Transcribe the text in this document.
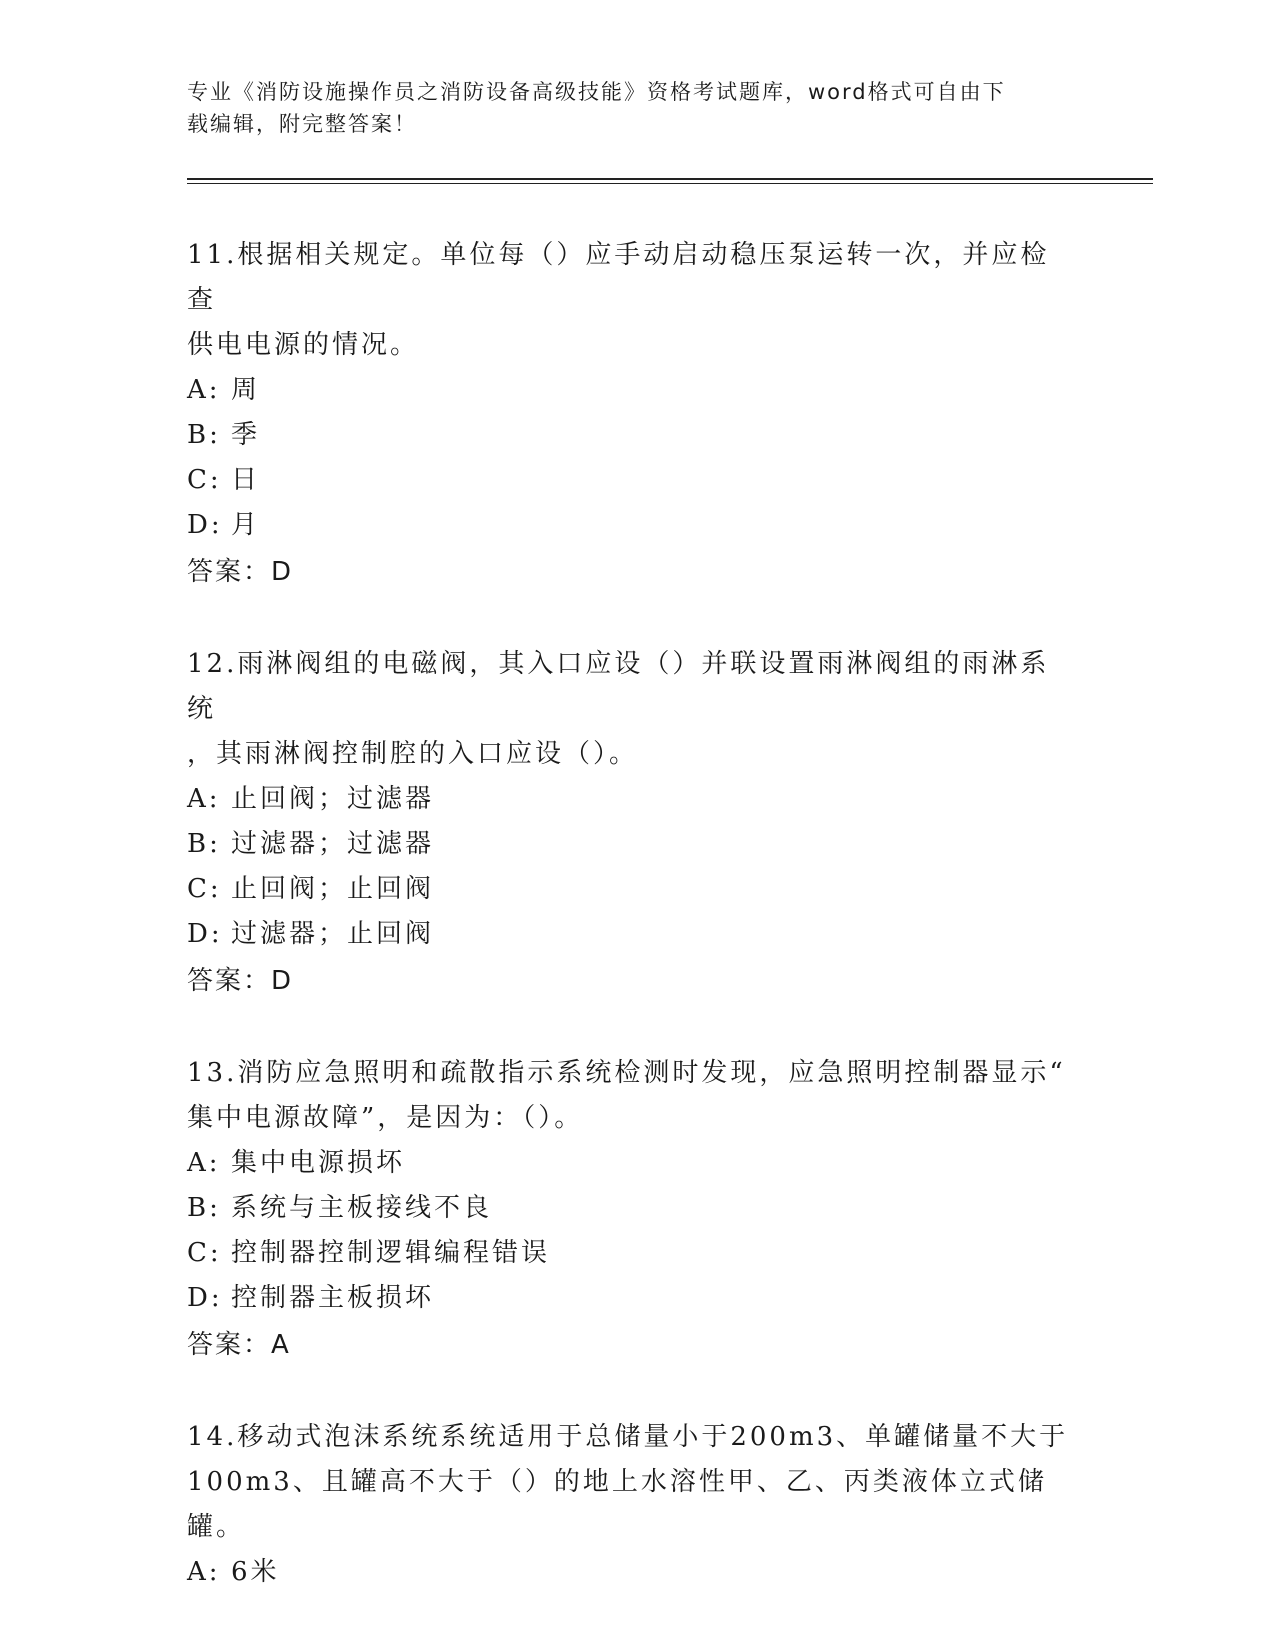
专业《消防设施操作员之消防设备高级技能》资格考试题库，word格式可自由下
载编辑，附完整答案！

11.根据相关规定。单位每（）应手动启动稳压泵运转一次，并应检查
供电电源的情况。

A: 周

B: 季

C: 日

D: 月

答案：D

12.雨淋阀组的电磁阀，其入口应设（）并联设置雨淋阀组的雨淋系统
，其雨淋阀控制腔的入口应设（）。

A: 止回阀；过滤器

B: 过滤器；过滤器

C: 止回阀；止回阀

D: 过滤器；止回阀

答案：D

13.消防应急照明和疏散指示系统检测时发现，应急照明控制器显示“
集中电源故障”，是因为：（）。

A: 集中电源损坏

B: 系统与主板接线不良

C: 控制器控制逻辑编程错误

D: 控制器主板损坏

答案：A

14.移动式泡沫系统系统适用于总储量小于200m3、单罐储量不大于
100m3、且罐高不大于（）的地上水溶性甲、乙、丙类液体立式储罐。

A: 6米
